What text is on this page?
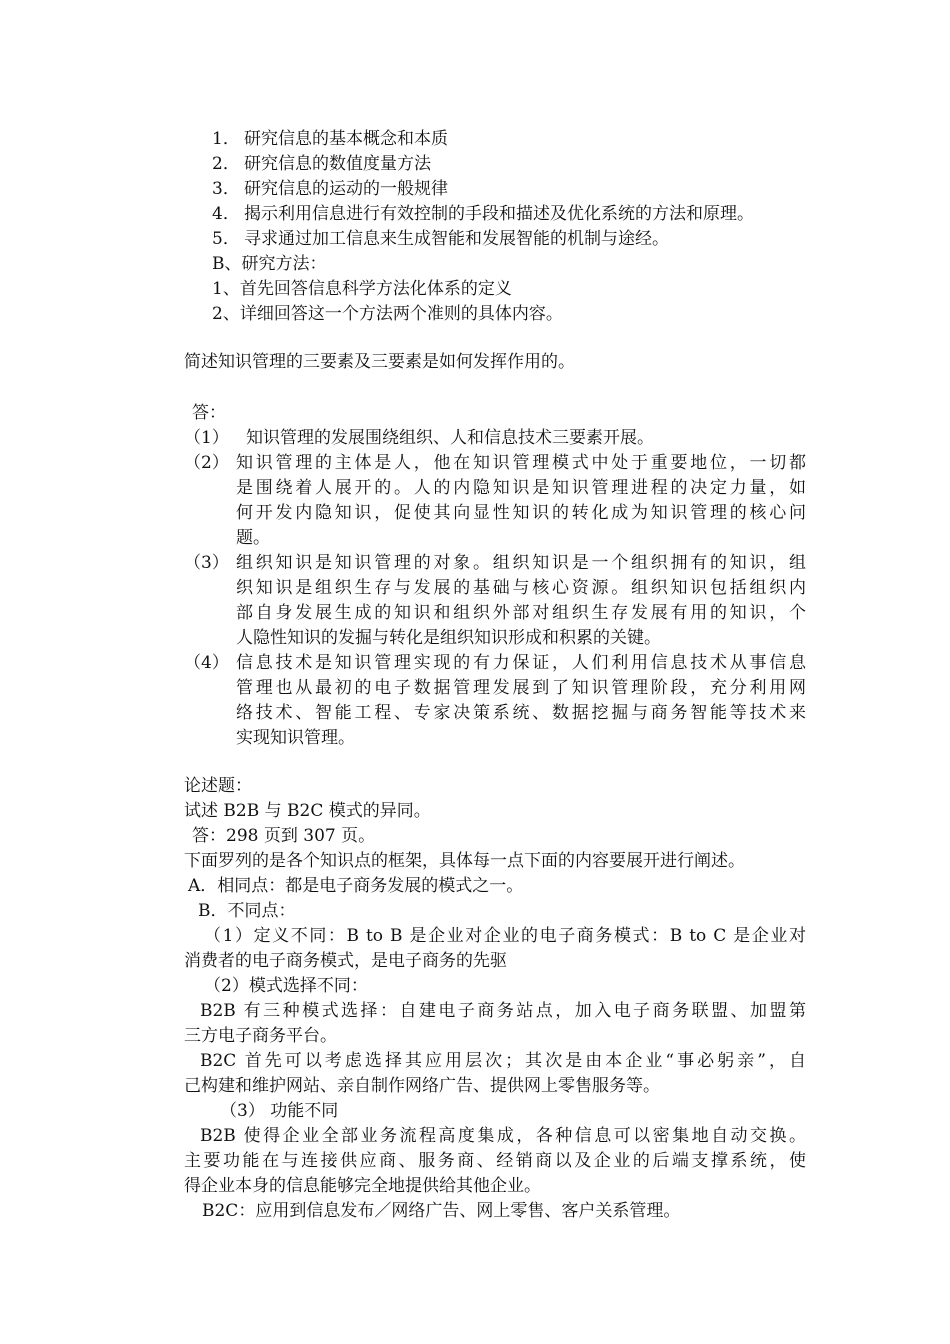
1． 研究信息的基本概念和本质
2． 研究信息的数值度量方法
3． 研究信息的运动的一般规律
4． 揭示利用信息进行有效控制的手段和描述及优化系统的方法和原理。
5． 寻求通过加工信息来生成智能和发展智能的机制与途经。
B、研究方法：
1、首先回答信息科学方法化体系的定义
2、详细回答这一个方法两个准则的具体内容。
简述知识管理的三要素及三要素是如何发挥作用的。
答：
（1） 知识管理的发展围绕组织、人和信息技术三要素开展。
（2） 知识管理的主体是人，他在知识管理模式中处于重要地位，一切都
是围绕着人展开的。人的内隐知识是知识管理进程的决定力量，如
何开发内隐知识，促使其向显性知识的转化成为知识管理的核心问
题。
（3） 组织知识是知识管理的对象。组织知识是一个组织拥有的知识，组
织知识是组织生存与发展的基础与核心资源。组织知识包括组织内
部自身发展生成的知识和组织外部对组织生存发展有用的知识，个
人隐性知识的发掘与转化是组织知识形成和积累的关键。
（4） 信息技术是知识管理实现的有力保证，人们利用信息技术从事信息
管理也从最初的电子数据管理发展到了知识管理阶段，充分利用网
络技术、智能工程、专家决策系统、数据挖掘与商务智能等技术来
实现知识管理。
论述题：
试述 B2B 与 B2C 模式的异同。
答：298 页到 307 页。
下面罗列的是各个知识点的框架，具体每一点下面的内容要展开进行阐述。
A．相同点：都是电子商务发展的模式之一。
B．不同点：
（1）定义不同：B to B 是企业对企业的电子商务模式：B to C 是企业对
消费者的电子商务模式，是电子商务的先驱
（2）模式选择不同：
B2B 有三种模式选择：自建电子商务站点，加入电子商务联盟、加盟第
三方电子商务平台。
B2C 首先可以考虑选择其应用层次；其次是由本企业“事必躬亲”，自
己构建和维护网站、亲自制作网络广告、提供网上零售服务等。
（3） 功能不同
B2B 使得企业全部业务流程高度集成，各种信息可以密集地自动交换。
主要功能在与连接供应商、服务商、经销商以及企业的后端支撑系统，使
得企业本身的信息能够完全地提供给其他企业。
B2C：应用到信息发布／网络广告、网上零售、客户关系管理。
